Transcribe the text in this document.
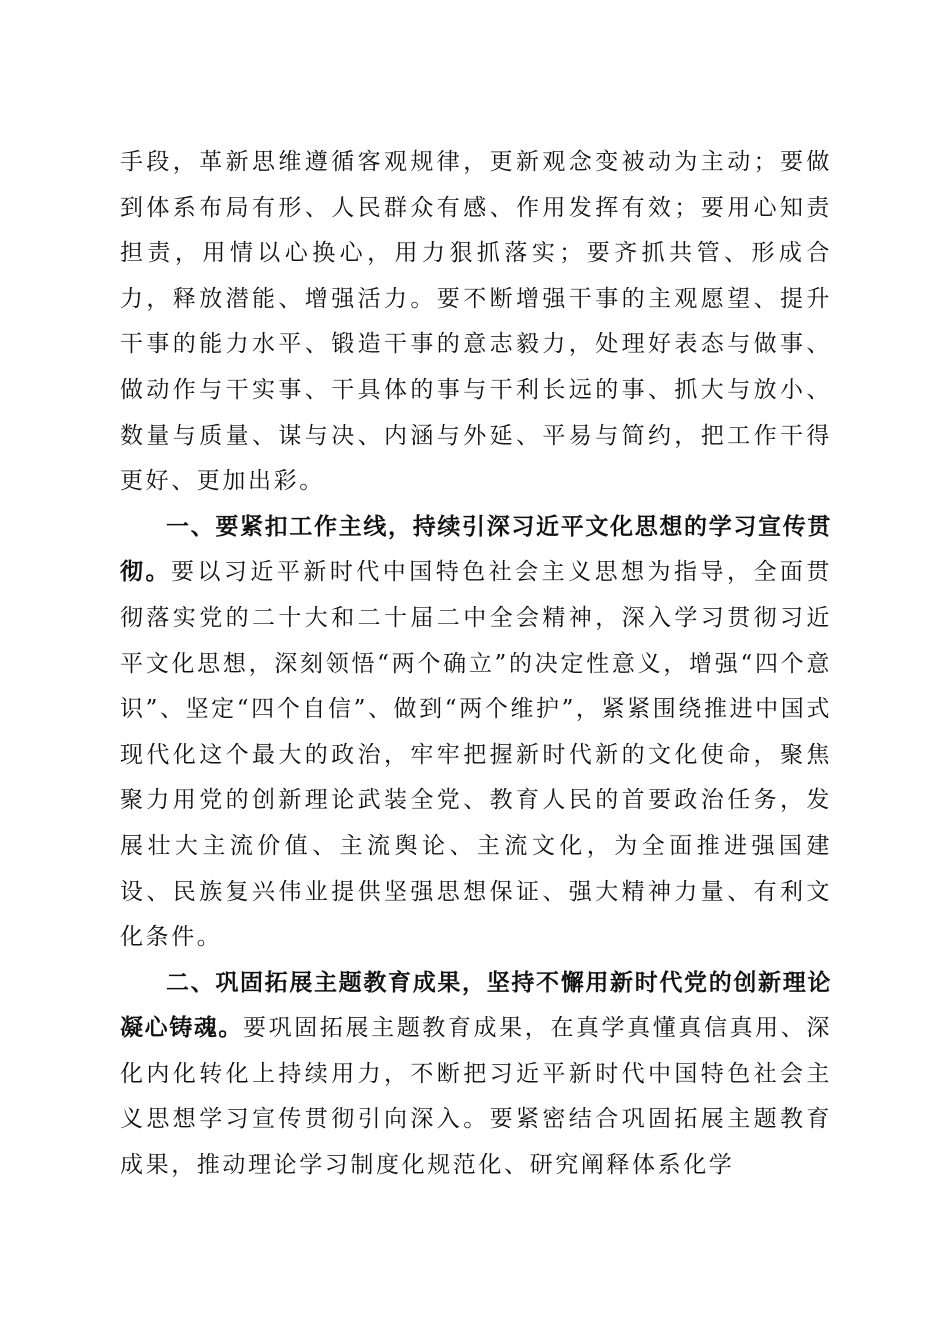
手段，革新思维遵循客观规律，更新观念变被动为主动；要做到体系布局有形、人民群众有感、作用发挥有效；要用心知责担责，用情以心换心，用力狠抓落实；要齐抓共管、形成合力，释放潜能、增强活力。要不断增强干事的主观愿望、提升干事的能力水平、锻造干事的意志毅力，处理好表态与做事、做动作与干实事、干具体的事与干利长远的事、抓大与放小、数量与质量、谋与决、内涵与外延、平易与简约，把工作干得更好、更加出彩。

一、要紧扣工作主线，持续引深习近平文化思想的学习宣传贯彻。要以习近平新时代中国特色社会主义思想为指导，全面贯彻落实党的二十大和二十届二中全会精神，深入学习贯彻习近平文化思想，深刻领悟“两个确立”的决定性意义，增强“四个意识”、坚定“四个自信”、做到“两个维护”，紧紧围绕推进中国式现代化这个最大的政治，牢牢把握新时代新的文化使命，聚焦聚力用党的创新理论武装全党、教育人民的首要政治任务，发展壮大主流价值、主流舆论、主流文化，为全面推进强国建设、民族复兴伟业提供坚强思想保证、强大精神力量、有利文化条件。

二、巩固拓展主题教育成果，坚持不懈用新时代党的创新理论凝心铸魂。要巩固拓展主题教育成果，在真学真懂真信真用、深化内化转化上持续用力，不断把习近平新时代中国特色社会主义思想学习宣传贯彻引向深入。要紧密结合巩固拓展主题教育成果，推动理论学习制度化规范化、研究阐释体系化学
